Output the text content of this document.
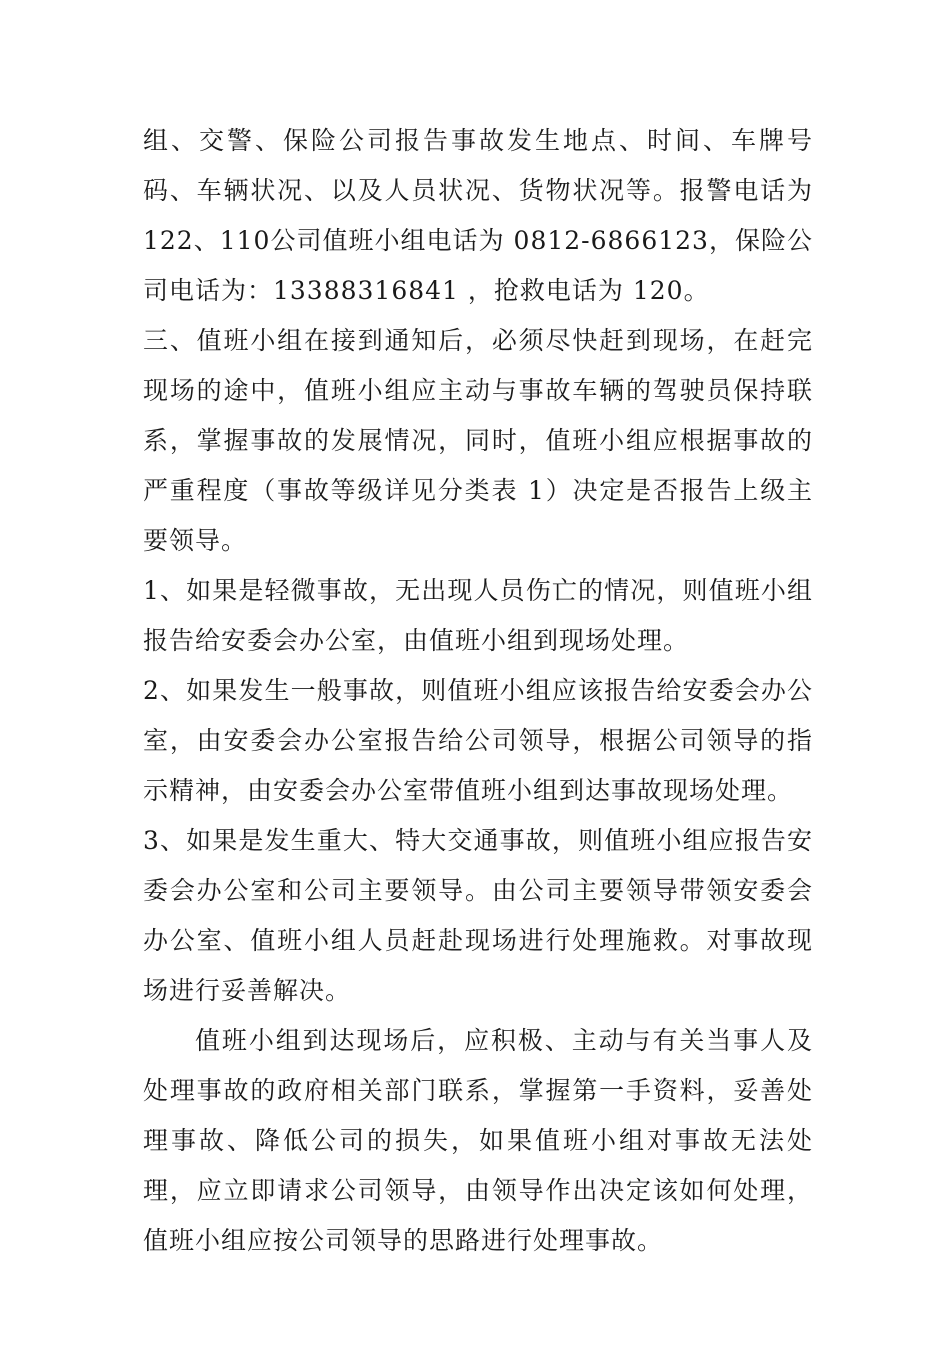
组、交警、保险公司报告事故发生地点、时间、车牌号码、车辆状况、以及人员状况、货物状况等。报警电话为 122、110公司值班小组电话为 0812-6866123，保险公司电话为：13388316841 ，抢救电话为 120。

三、值班小组在接到通知后，必须尽快赶到现场，在赶完现场的途中，值班小组应主动与事故车辆的驾驶员保持联系，掌握事故的发展情况，同时，值班小组应根据事故的严重程度（事故等级详见分类表 1）决定是否报告上级主要领导。

1、如果是轻微事故，无出现人员伤亡的情况，则值班小组报告给安委会办公室，由值班小组到现场处理。

2、如果发生一般事故，则值班小组应该报告给安委会办公室，由安委会办公室报告给公司领导，根据公司领导的指示精神，由安委会办公室带值班小组到达事故现场处理。

3、如果是发生重大、特大交通事故，则值班小组应报告安委会办公室和公司主要领导。由公司主要领导带领安委会办公室、值班小组人员赶赴现场进行处理施救。对事故现场进行妥善解决。

值班小组到达现场后，应积极、主动与有关当事人及处理事故的政府相关部门联系，掌握第一手资料，妥善处理事故、降低公司的损失，如果值班小组对事故无法处理，应立即请求公司领导，由领导作出决定该如何处理，值班小组应按公司领导的思路进行处理事故。
